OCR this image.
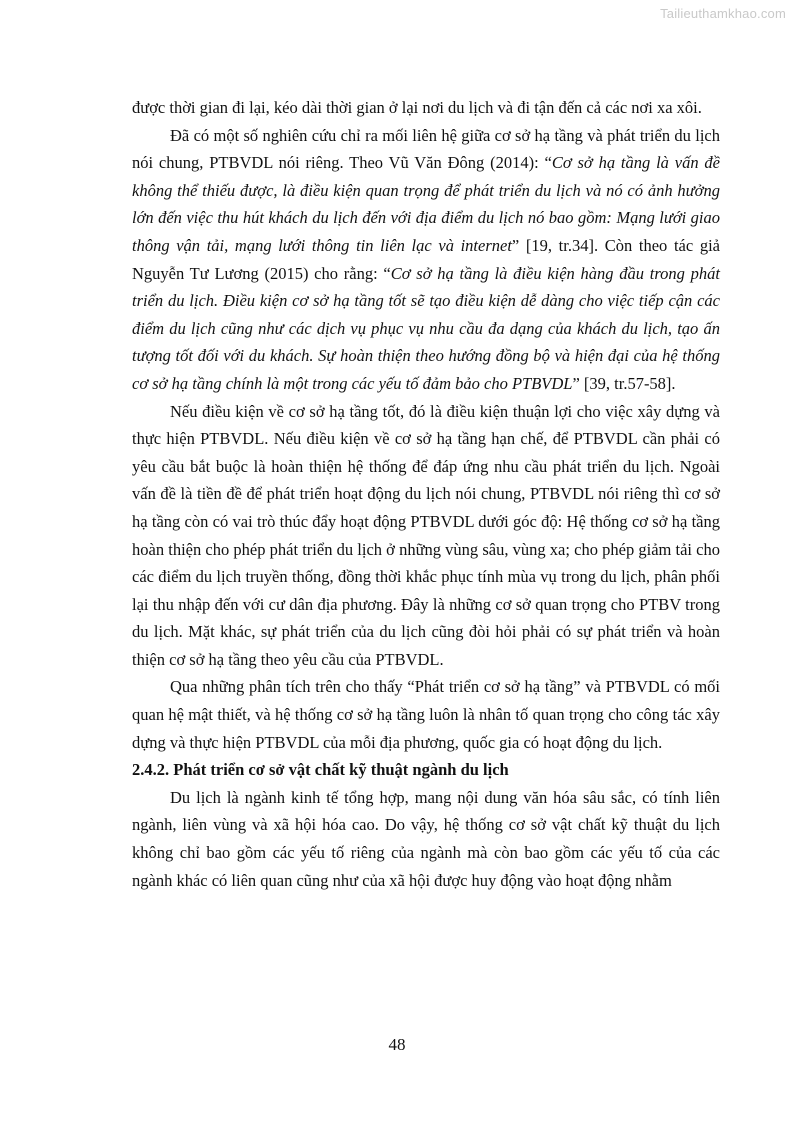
Tailieuthamkhao.com

được thời gian đi lại, kéo dài thời gian ở lại nơi du lịch và đi tận đến cả các nơi xa xôi.

Đã có một số nghiên cứu chỉ ra mối liên hệ giữa cơ sở hạ tầng và phát triển du lịch nói chung, PTBVDL nói riêng. Theo Vũ Văn Đông (2014): “Cơ sở hạ tầng là vấn đề không thể thiếu được, là điều kiện quan trọng để phát triển du lịch và nó có ảnh hưởng lớn đến việc thu hút khách du lịch đến với địa điểm du lịch nó bao gồm: Mạng lưới giao thông vận tải, mạng lưới thông tin liên lạc và internet” [19, tr.34]. Còn theo tác giả Nguyễn Tư Lương (2015) cho rằng: “Cơ sở hạ tầng là điều kiện hàng đầu trong phát triển du lịch. Điều kiện cơ sở hạ tầng tốt sẽ tạo điều kiện dễ dàng cho việc tiếp cận các điểm du lịch cũng như các dịch vụ phục vụ nhu cầu đa dạng của khách du lịch, tạo ấn tượng tốt đối với du khách. Sự hoàn thiện theo hướng đồng bộ và hiện đại của hệ thống cơ sở hạ tầng chính là một trong các yếu tố đảm bảo cho PTBVDL” [39, tr.57-58].

Nếu điều kiện về cơ sở hạ tầng tốt, đó là điều kiện thuận lợi cho việc xây dựng và thực hiện PTBVDL. Nếu điều kiện về cơ sở hạ tầng hạn chế, để PTBVDL cần phải có yêu cầu bắt buộc là hoàn thiện hệ thống để đáp ứng nhu cầu phát triển du lịch. Ngoài vấn đề là tiền đề để phát triển hoạt động du lịch nói chung, PTBVDL nói riêng thì cơ sở hạ tầng còn có vai trò thúc đẩy hoạt động PTBVDL dưới góc độ: Hệ thống cơ sở hạ tầng hoàn thiện cho phép phát triển du lịch ở những vùng sâu, vùng xa; cho phép giảm tải cho các điểm du lịch truyền thống, đồng thời khắc phục tính mùa vụ trong du lịch, phân phối lại thu nhập đến với cư dân địa phương. Đây là những cơ sở quan trọng cho PTBV trong du lịch. Mặt khác, sự phát triển của du lịch cũng đòi hỏi phải có sự phát triển và hoàn thiện cơ sở hạ tầng theo yêu cầu của PTBVDL.

Qua những phân tích trên cho thấy “Phát triển cơ sở hạ tầng” và PTBVDL có mối quan hệ mật thiết, và hệ thống cơ sở hạ tầng luôn là nhân tố quan trọng cho công tác xây dựng và thực hiện PTBVDL của mỗi địa phương, quốc gia có hoạt động du lịch.

2.4.2. Phát triển cơ sở vật chất kỹ thuật ngành du lịch

Du lịch là ngành kinh tế tổng hợp, mang nội dung văn hóa sâu sắc, có tính liên ngành, liên vùng và xã hội hóa cao. Do vậy, hệ thống cơ sở vật chất kỹ thuật du lịch không chỉ bao gồm các yếu tố riêng của ngành mà còn bao gồm các yếu tố của các ngành khác có liên quan cũng như của xã hội được huy động vào hoạt động nhằm

48
